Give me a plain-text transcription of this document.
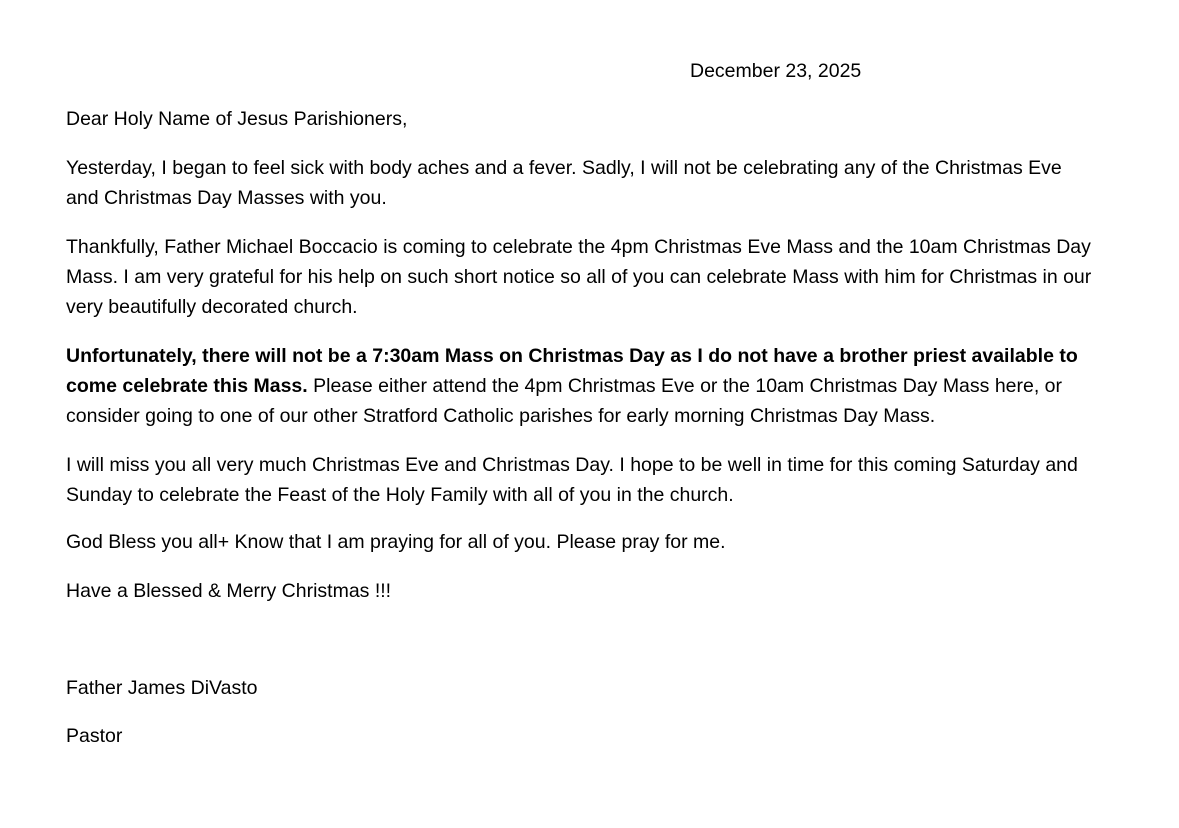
December 23, 2025
Dear Holy Name of Jesus Parishioners,
Yesterday, I began to feel sick with body aches and a fever. Sadly, I will not be celebrating any of the Christmas Eve and Christmas Day Masses with you.
Thankfully, Father Michael Boccacio is coming to celebrate the 4pm Christmas Eve Mass and the 10am Christmas Day Mass. I am very grateful for his help on such short notice so all of you can celebrate Mass with him for Christmas in our very beautifully decorated church.
Unfortunately, there will not be a 7:30am Mass on Christmas Day as I do not have a brother priest available to come celebrate this Mass. Please either attend the 4pm Christmas Eve or the 10am Christmas Day Mass here, or consider going to one of our other Stratford Catholic parishes for early morning Christmas Day Mass.
I will miss you all very much Christmas Eve and Christmas Day. I hope to be well in time for this coming Saturday and Sunday to celebrate the Feast of the Holy Family with all of you in the church.
God Bless you all+ Know that I am praying for all of you. Please pray for me.
Have a Blessed & Merry Christmas !!!
Father James DiVasto
Pastor
